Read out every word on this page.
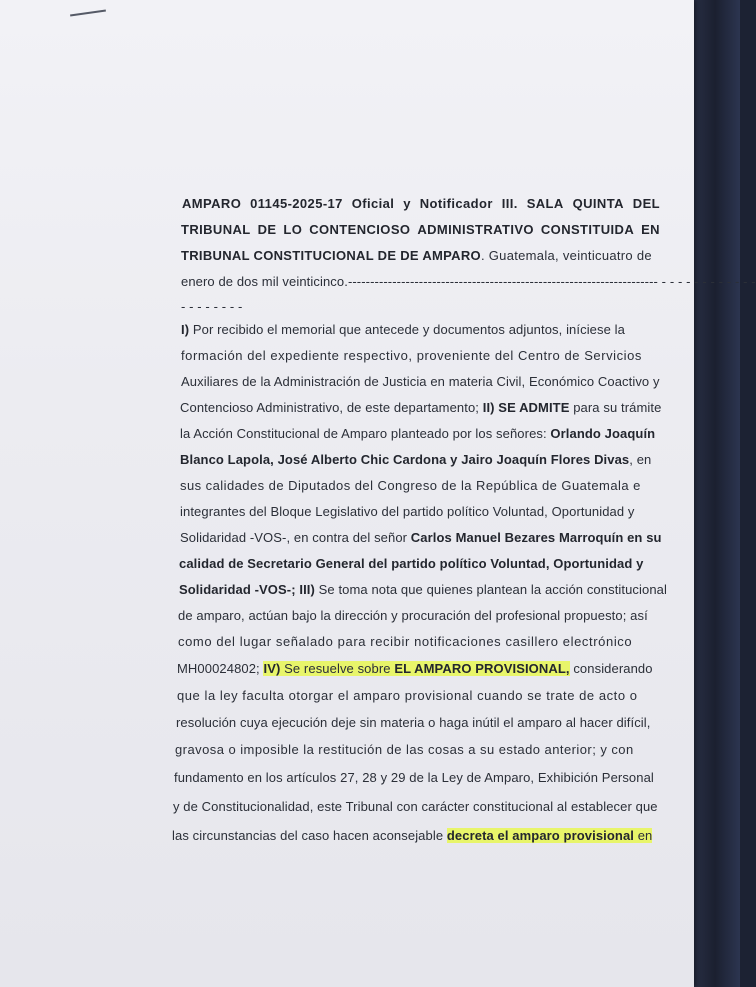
AMPARO 01145-2025-17 Oficial y Notificador III. SALA QUINTA DEL
TRIBUNAL DE LO CONTENCIOSO ADMINISTRATIVO CONSTITUIDA EN
TRIBUNAL CONSTITUCIONAL DE DE AMPARO. Guatemala, veinticuatro de
enero de dos mil veinticinco.---------------------------------------------------------------------- - - - - - - - - - - - -
- - - - - - - -
I) Por recibido el memorial que antecede y documentos adjuntos, iníciese la
formación del expediente respectivo, proveniente del Centro de Servicios
Auxiliares de la Administración de Justicia en materia Civil, Económico Coactivo y
Contencioso Administrativo, de este departamento; II) SE ADMITE para su trámite
la Acción Constitucional de Amparo planteado por los señores: Orlando Joaquín
Blanco Lapola, José Alberto Chic Cardona y Jairo Joaquín Flores Divas, en
sus calidades de Diputados del Congreso de la República de Guatemala e
integrantes del Bloque Legislativo del partido político Voluntad, Oportunidad y
Solidaridad -VOS-, en contra del señor Carlos Manuel Bezares Marroquín en su
calidad de Secretario General del partido político Voluntad, Oportunidad y
Solidaridad -VOS-; III) Se toma nota que quienes plantean la acción constitucional
de amparo, actúan bajo la dirección y procuración del profesional propuesto; así
como del lugar señalado para recibir notificaciones casillero electrónico
MH00024802; IV) Se resuelve sobre EL AMPARO PROVISIONAL, considerando
que la ley faculta otorgar el amparo provisional cuando se trate de acto o
resolución cuya ejecución deje sin materia o haga inútil el amparo al hacer difícil,
gravosa o imposible la restitución de las cosas a su estado anterior; y con
fundamento en los artículos 27, 28 y 29 de la Ley de Amparo, Exhibición Personal
y de Constitucionalidad, este Tribunal con carácter constitucional al establecer que
las circunstancias del caso hacen aconsejable decreta el amparo provisional en
